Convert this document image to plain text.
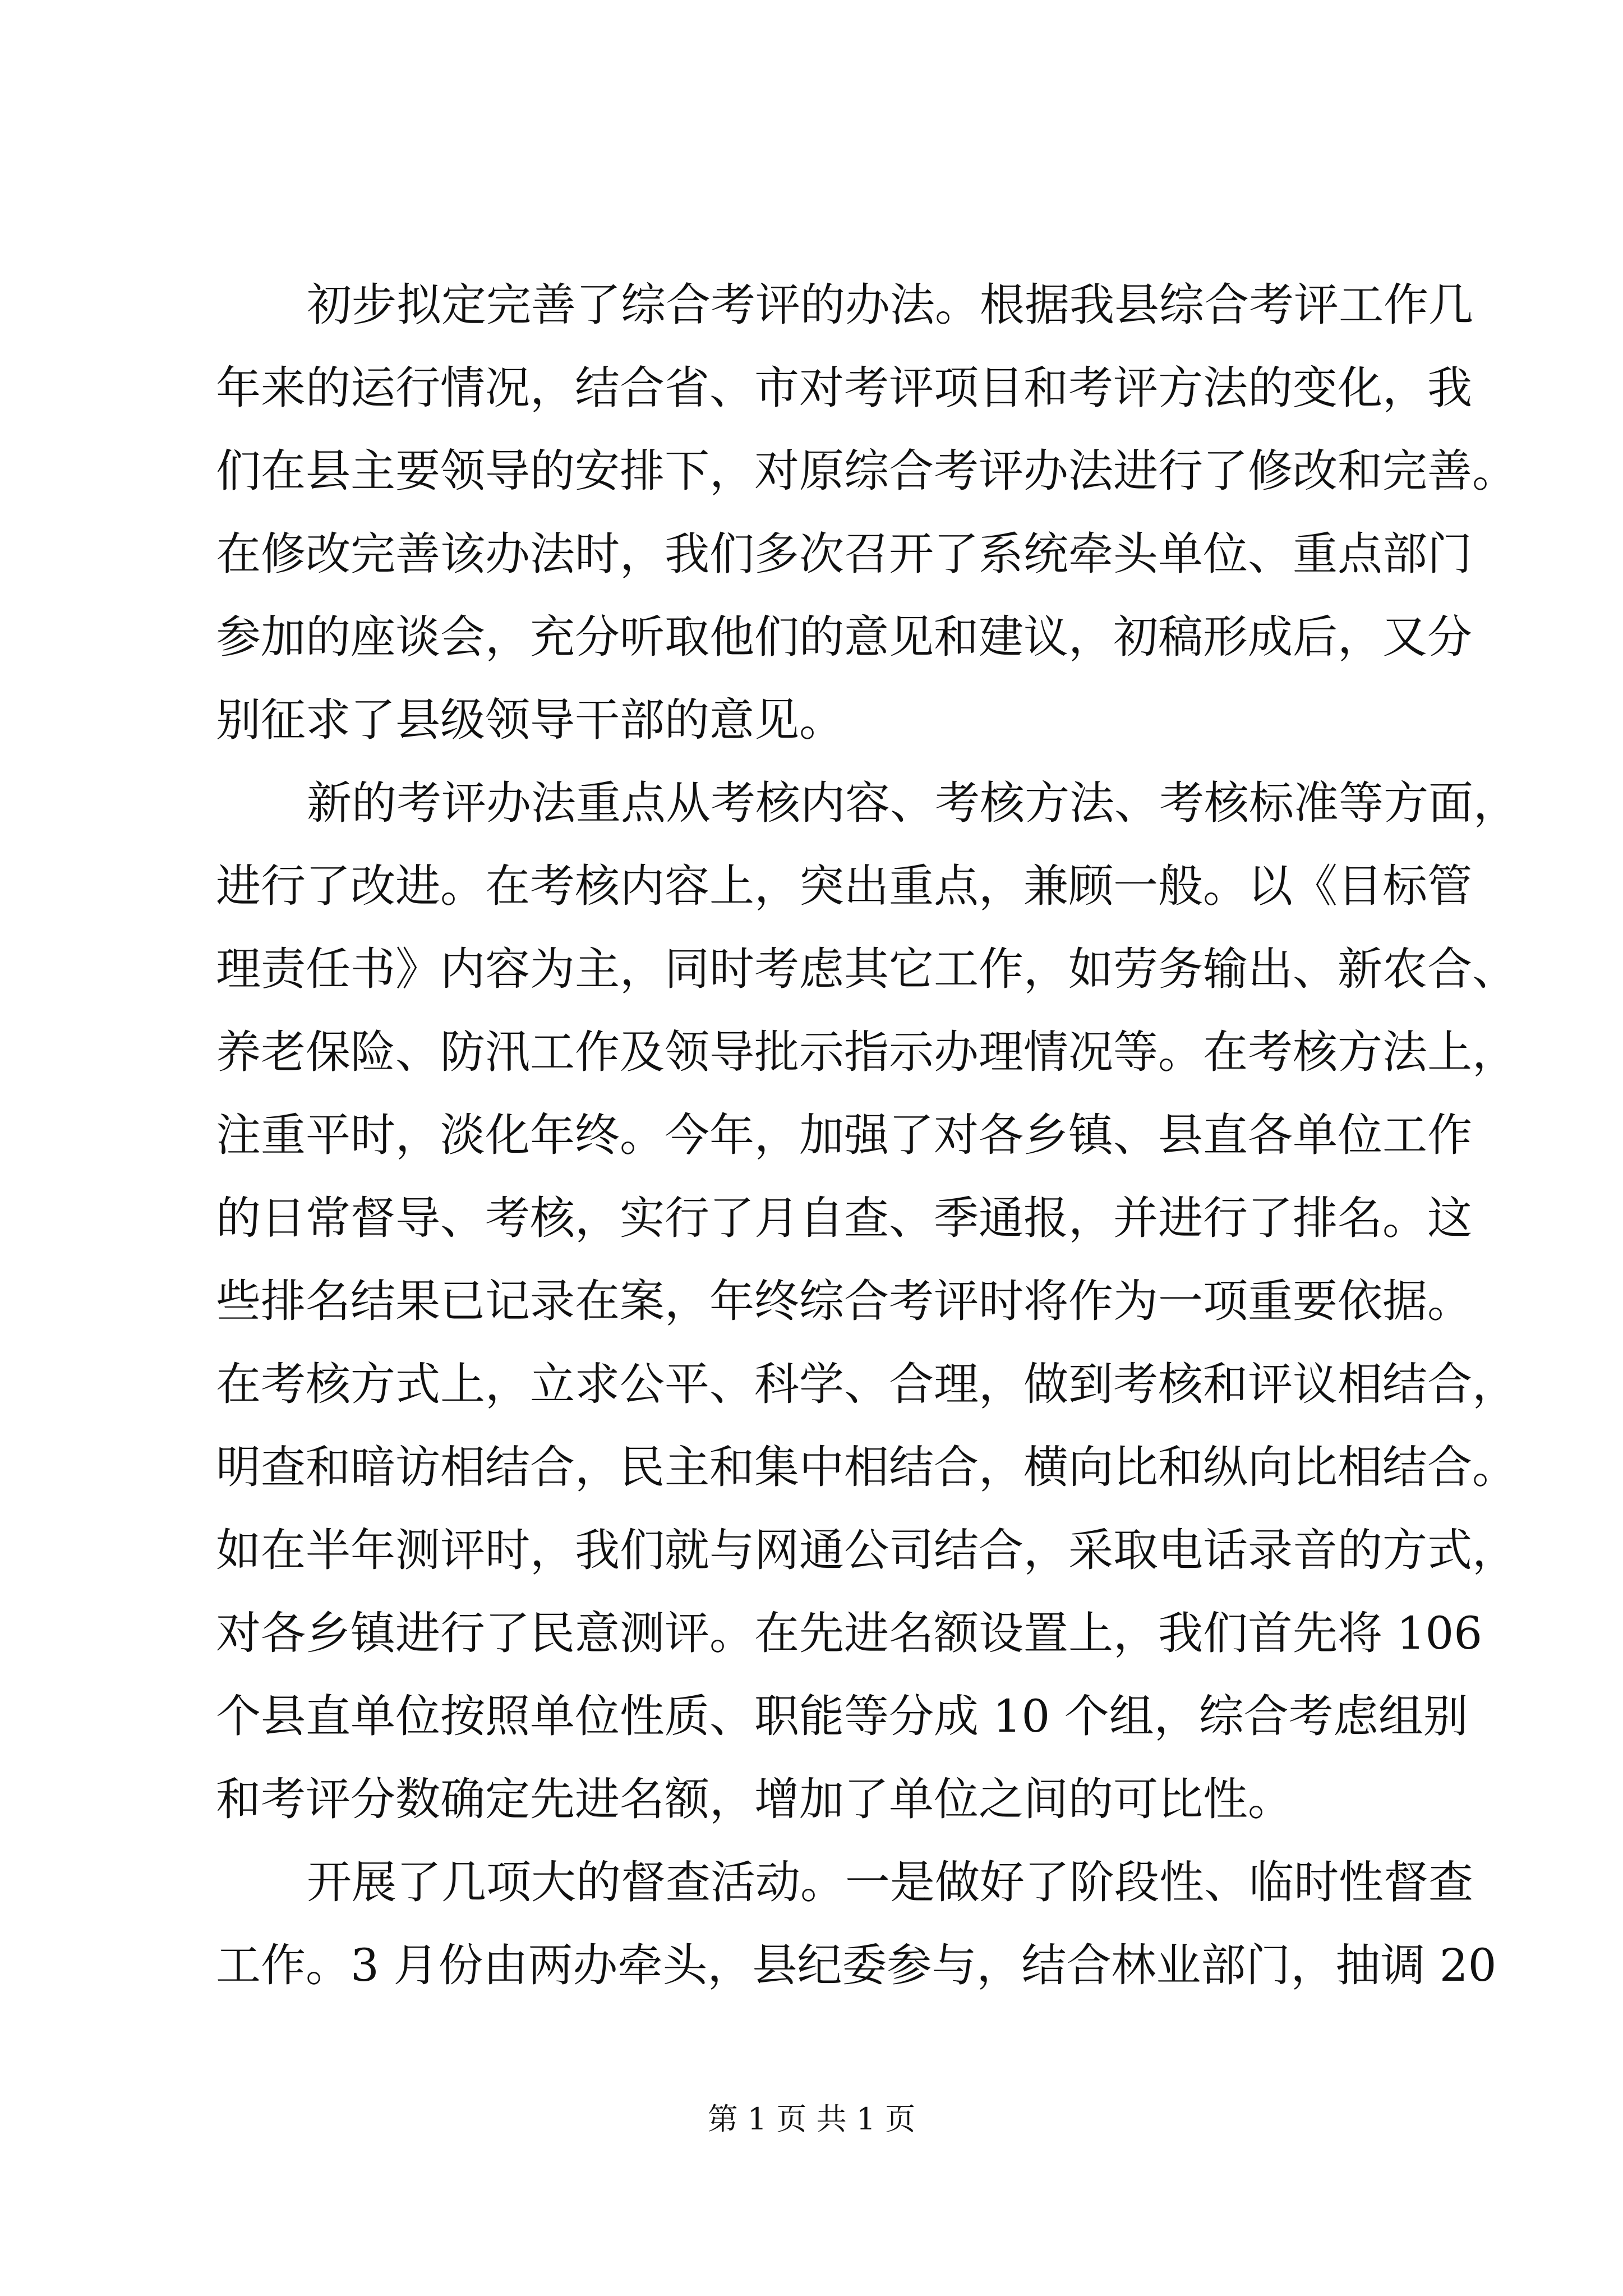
初步拟定完善了综合考评的办法。根据我县综合考评工作几
年来的运行情况，结合省、市对考评项目和考评方法的变化，我
们在县主要领导的安排下，对原综合考评办法进行了修改和完善。
在修改完善该办法时，我们多次召开了系统牵头单位、重点部门
参加的座谈会，充分听取他们的意见和建议，初稿形成后，又分
别征求了县级领导干部的意见。
新的考评办法重点从考核内容、考核方法、考核标准等方面，
进行了改进。在考核内容上，突出重点，兼顾一般。以《目标管
理责任书》内容为主，同时考虑其它工作，如劳务输出、新农合、
养老保险、防汛工作及领导批示指示办理情况等。在考核方法上，
注重平时，淡化年终。今年，加强了对各乡镇、县直各单位工作
的日常督导、考核，实行了月自查、季通报，并进行了排名。这
些排名结果已记录在案，年终综合考评时将作为一项重要依据。
在考核方式上，立求公平、科学、合理，做到考核和评议相结合，
明查和暗访相结合，民主和集中相结合，横向比和纵向比相结合。
如在半年测评时，我们就与网通公司结合，采取电话录音的方式，
对各乡镇进行了民意测评。在先进名额设置上，我们首先将 106
个县直单位按照单位性质、职能等分成 10 个组，综合考虑组别
和考评分数确定先进名额，增加了单位之间的可比性。
开展了几项大的督查活动。一是做好了阶段性、临时性督查
工作。3 月份由两办牵头，县纪委参与，结合林业部门，抽调 20
第 1 页 共 1 页
